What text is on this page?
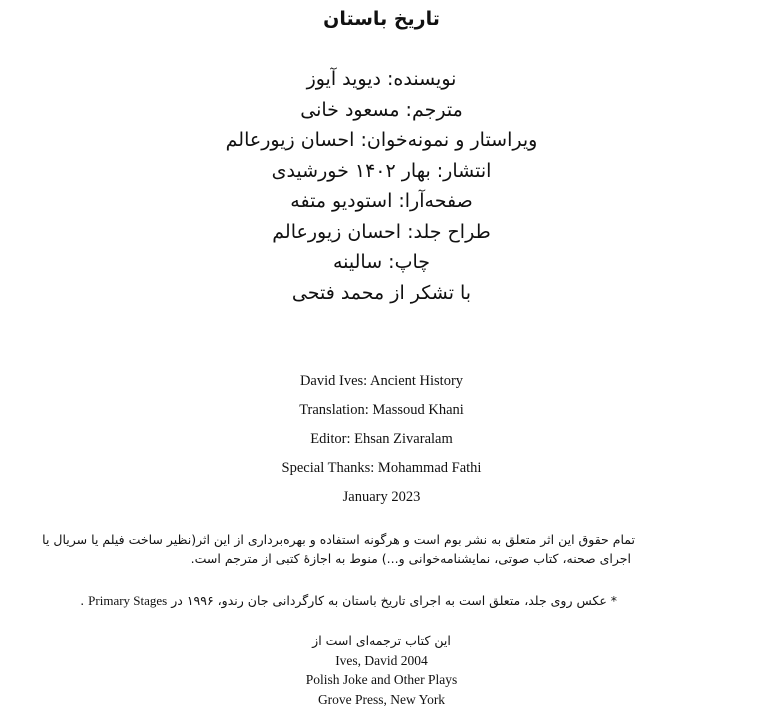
تاریخ باستان
نویسنده: دیوید آیوز
مترجم: مسعود خانی
ویراستار و نمونه‌خوان: احسان زیورعالم
انتشار: بهار ۱۴۰۲ خورشیدی
صفحه‌آرا: استودیو متفه
طراح جلد: احسان زیورعالم
چاپ: سالینه
با تشکر از محمد فتحی
David Ives: Ancient History
Translation: Massoud Khani
Editor: Ehsan Zivaralam
Special Thanks: Mohammad Fathi
January 2023
تمام حقوق این اثر متعلق به نشر بوم است و هرگونه استفاده و بهره‌برداری از این اثر(نظیر ساخت فیلم یا سریال یا
اجرای صحنه، کتاب صوتی، نمایشنامه‌خوانی و...) منوط به اجازهٔ کتبی از مترجم است.
* عکس روی جلد، متعلق است به اجرای تاریخ باستان به کارگردانی جان رندو، ۱۹۹۶ در Primary Stages .
این کتاب ترجمه‌ای است از
Ives, David 2004
Polish Joke and Other Plays
Grove Press, New York
